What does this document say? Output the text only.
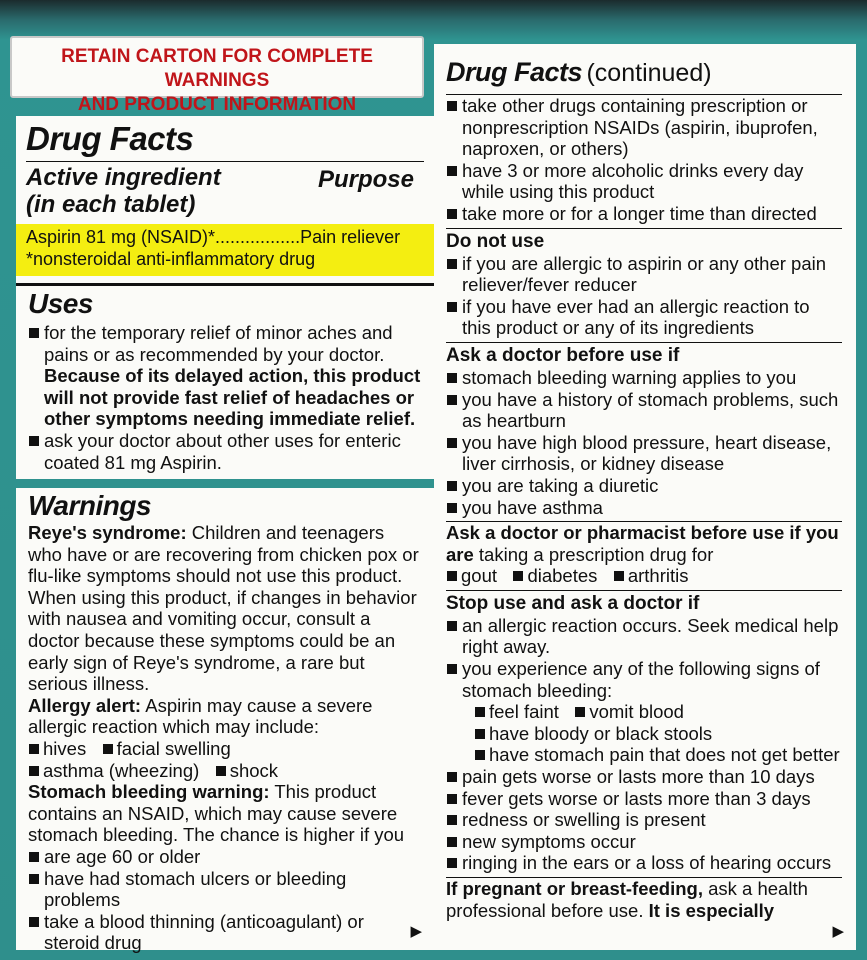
RETAIN CARTON FOR COMPLETE WARNINGS
AND PRODUCT INFORMATION
Drug Facts
Active ingredient
(in each tablet)
Purpose
Aspirin 81 mg (NSAID)*.................Pain reliever
*nonsteroidal anti-inflammatory drug
Uses
for the temporary relief of minor aches and pains or as recommended by your doctor. Because of its delayed action, this product will not provide fast relief of headaches or other symptoms needing immediate relief.
ask your doctor about other uses for enteric coated 81 mg Aspirin.
Warnings
Reye's syndrome: Children and teenagers who have or are recovering from chicken pox or flu-like symptoms should not use this product. When using this product, if changes in behavior with nausea and vomiting occur, consult a doctor because these symptoms could be an early sign of Reye's syndrome, a rare but serious illness.
Allergy alert: Aspirin may cause a severe allergic reaction which may include:
hives facial swelling
asthma (wheezing) shock
Stomach bleeding warning: This product contains an NSAID, which may cause severe stomach bleeding. The chance is higher if you
are age 60 or older
have had stomach ulcers or bleeding problems
take a blood thinning (anticoagulant) or steroid drug
▶
Drug Facts (continued)
take other drugs containing prescription or nonprescription NSAIDs (aspirin, ibuprofen, naproxen, or others)
have 3 or more alcoholic drinks every day while using this product
take more or for a longer time than directed
Do not use
if you are allergic to aspirin or any other pain reliever/fever reducer
if you have ever had an allergic reaction to this product or any of its ingredients
Ask a doctor before use if
stomach bleeding warning applies to you
you have a history of stomach problems, such as heartburn
you have high blood pressure, heart disease, liver cirrhosis, or kidney disease
you are taking a diuretic
you have asthma
Ask a doctor or pharmacist before use if you are taking a prescription drug for
gout diabetes arthritis
Stop use and ask a doctor if
an allergic reaction occurs. Seek medical help right away.
you experience any of the following signs of stomach bleeding:
feel faint vomit blood
have bloody or black stools
have stomach pain that does not get better
pain gets worse or lasts more than 10 days
fever gets worse or lasts more than 3 days
redness or swelling is present
new symptoms occur
ringing in the ears or a loss of hearing occurs
If pregnant or breast-feeding, ask a health professional before use. It is especially
▶
